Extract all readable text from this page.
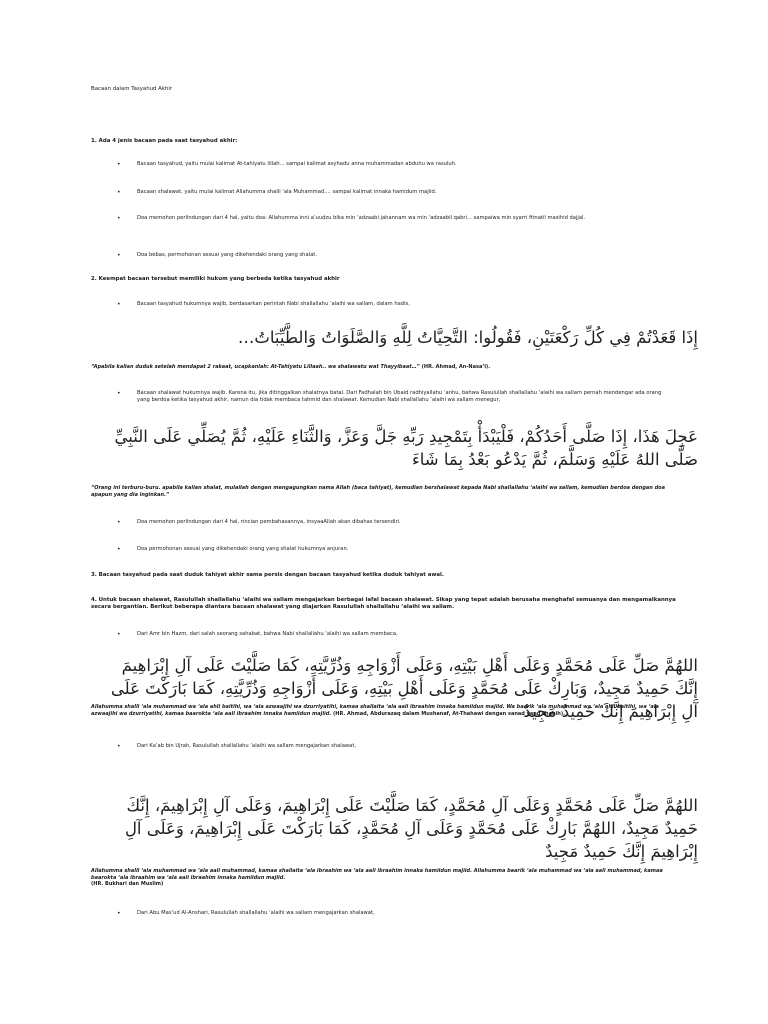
Bacaan dalam Tasyahud Akhir

1. Ada 4 jenis bacaan pada saat tasyahud akhir:

•	Bacaan tasyahud, yaitu mulai kalimat At-tahiyatu lillah... sampai kalimat asyhadu anna muhammadan abduhu wa rasuluh.

•	Bacaan shalawat, yaitu mulai kalimat Allahumma shalli ‘ala Muhammad.... sampai kalimat innaka hamidum majiid.

•	Doa memohon perlindungan dari 4 hal, yaitu doa: Allahumma inni a’uudzu bika min ‘adzaabi jahannam wa min ‘adzaabil qabri... sampaiwa min syarri fitnatil masihid dajjal.

•	Doa bebas, permohonan sesuai yang dikehendaki orang yang shalat.

2. Keempat bacaan tersebut memiliki hukum yang berbeda ketika tasyahud akhir

•	Bacaan tasyahud hukumnya wajib, berdasarkan perintah Nabi shallallahu ‘alaihi wa sallam, dalam hadis,

إِذَا قَعَدْتُمْ فِي كُلِّ رَكْعَتَيْنِ، فَقُولُوا: التَّحِيَّاتُ لِلَّهِ وَالصَّلَوَاتُ وَالطَّيِّبَاتُ…

“Apabila kalian duduk setelah mendapat 2 rakaat, ucapkanlah: At-Tahiyatu Lillaah.. wa shalawatu wat Thayyibaat…” (HR. Ahmad, An-Nasa’i).

•	Bacaan shalawat hukumnya wajib. Karena itu, jika ditinggalkan shalatnya batal. Dari Fadhalah bin Ubaid radhiyallahu ‘anhu, bahwa Rasulullah shallallahu ‘alaihi wa sallam pernah mendengar ada orang yang berdoa ketika tasyahud akhir, namun dia tidak membaca tahmid dan shalawat. Kemudian Nabi shallallahu ‘alaihi wa sallam menegur,

عَجِلَ هَذَا، إِذَا صَلَّى أَحَدُكُمْ، فَلْيَبْدَأْ بِتَمْجِيدِ رَبِّهِ جَلَّ وَعَزَّ، وَالثَّنَاءِ عَلَيْهِ، ثُمَّ يُصَلِّي عَلَى النَّبِيِّ صَلَّى اللهُ عَلَيْهِ وَسَلَّمَ، ثُمَّ يَدْعُو بَعْدُ بِمَا شَاءَ

“Orang ini terburu-buru. apabila kalian shalat, mulailah dengan mengagungkan nama Allah (baca tahiyat), kemudian bershalawat kepada Nabi shallallahu ‘alaihi wa sallam, kemudian berdoa dengan doa apapun yang dia inginkan.”

•	Doa memohon perlindungan dari 4 hal, rincian pembahasannya, insyaaAllah akan dibahas tersendiri.

•	Doa permohonan sesuai yang dikehendaki orang yang shalat hukumnya anjuran.

3. Bacaan tasyahud pada saat duduk tahiyat akhir sama persis dengan bacaan tasyahud ketika duduk tahiyat awal.

4. Untuk bacaan shalawat, Rasulullah shallallahu ‘alaihi wa sallam mengajarkan berbagai lafal bacaan shalawat. Sikap yang tepat adalah berusaha menghafal semuanya dan mengamalkannya secara bergantian. Berikut beberapa diantara bacaan shalawat yang diajarkan Rasulullah shallallahu ‘alaihi wa sallam.

•	Dari Amr bin Hazm, dari salah seorang sahabat, bahwa Nabi shallallahu ‘alaihi wa sallam membaca,

اللهُمَّ صَلِّ عَلَى مُحَمَّدٍ وَعَلَى أَهْلِ بَيْتِهِ، وَعَلَى أَزْوَاجِهِ وَذُرِّيَّتِهِ، كَمَا صَلَّيْتَ عَلَى آلِ إِبْرَاهِيمَ إِنَّكَ حَمِيدٌ مَجِيدٌ، وَبَارِكْ عَلَى مُحَمَّدٍ وَعَلَى أَهْلِ بَيْتِهِ، وَعَلَى أَزْوَاجِهِ وَذُرِّيَّتِهِ، كَمَا بَارَكْتَ عَلَى آلِ إِبْرَاهِيمَ إِنَّكَ حَمِيدٌ مَجِيدٌ

Allahumma shalli ‘ala muhammad wa ‘ala ahli baitihi, wa ‘ala azwaajihi wa dzurriyatihi, kamaa shallaita ‘ala aali ibraahim innaka hamiidun majiid. Wa baarik ‘ala muhammad wa ‘ala ahli baitihi, wa ‘ala azwaajihi wa dzurriyatihi, kamaa baarokta ‘ala aali ibraahim innaka hamiidun majiid. (HR. Ahmad, Abdurazaq dalam Mushanaf, At-Thahawi dengan sanad yang shahih).

•	Dari Ka’ab bin Ujrah, Rasulullah shallallahu ‘alaihi wa sallam mengajarkan shalawat,

اللهُمَّ صَلِّ عَلَى مُحَمَّدٍ وَعَلَى آلِ مُحَمَّدٍ، كَمَا صَلَّيْتَ عَلَى إِبْرَاهِيمَ، وَعَلَى آلِ إِبْرَاهِيمَ، إِنَّكَ حَمِيدٌ مَجِيدٌ، اللهُمَّ بَارِكْ عَلَى مُحَمَّدٍ وَعَلَى آلِ مُحَمَّدٍ، كَمَا بَارَكْتَ عَلَى إِبْرَاهِيمَ، وَعَلَى آلِ إِبْرَاهِيمَ إِنَّكَ حَمِيدٌ مَجِيدٌ

Allahumma shalli ‘ala muhammad wa ‘ala aali muhammad, kamaa shallaita ‘ala ibraahim wa ‘ala aali ibraahim innaka hamiidun majiid. Allahumma baarik ‘ala muhammad wa ‘ala aali muhammad, kamaa baarokta ‘ala ibraahim wa ‘ala aali ibraahim innaka hamiidun majiid.
(HR. Bukhari dan Muslim)

•	Dari Abu Mas’ud Al-Anshari, Rasulullah shallallahu ‘alaihi wa sallam mengajarkan shalawat,
